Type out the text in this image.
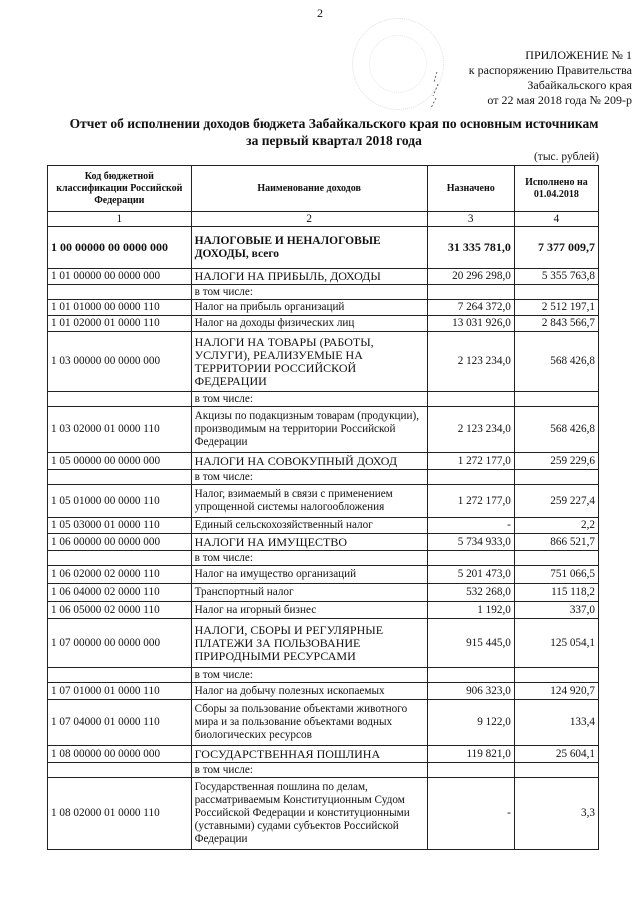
2
ПРИЛОЖЕНИЕ № 1
к распоряжению Правительства
Забайкальского края
от 22 мая 2018 года № 209-р
Отчет об исполнении доходов бюджета Забайкальского края по основным источникам
за первый квартал 2018 года
(тыс. рублей)
Код бюджетной классификации Российской Федерации	Наименование доходов	Назначено	Исполнено на 01.04.2018
1	2	3	4
1 00 00000 00 0000 000	НАЛОГОВЫЕ И НЕНАЛОГОВЫЕ ДОХОДЫ, всего	31 335 781,0	7 377 009,7
1 01 00000 00 0000 000	НАЛОГИ НА ПРИБЫЛЬ, ДОХОДЫ	20 296 298,0	5 355 763,8
	в том числе:		
1 01 01000 00 0000 110	Налог на прибыль организаций	7 264 372,0	2 512 197,1
1 01 02000 01 0000 110	Налог на доходы физических лиц	13 031 926,0	2 843 566,7
1 03 00000 00 0000 000	НАЛОГИ НА ТОВАРЫ (РАБОТЫ, УСЛУГИ), РЕАЛИЗУЕМЫЕ НА ТЕРРИТОРИИ РОССИЙСКОЙ ФЕДЕРАЦИИ	2 123 234,0	568 426,8
	в том числе:		
1 03 02000 01 0000 110	Акцизы по подакцизным товарам (продукции), производимым на территории Российской Федерации	2 123 234,0	568 426,8
1 05 00000 00 0000 000	НАЛОГИ НА СОВОКУПНЫЙ ДОХОД	1 272 177,0	259 229,6
	в том числе:		
1 05 01000 00 0000 110	Налог, взимаемый в связи с применением упрощенной системы налогообложения	1 272 177,0	259 227,4
1 05 03000 01 0000 110	Единый сельскохозяйственный налог	-	2,2
1 06 00000 00 0000 000	НАЛОГИ НА ИМУЩЕСТВО	5 734 933,0	866 521,7
	в том числе:		
1 06 02000 02 0000 110	Налог на имущество организаций	5 201 473,0	751 066,5
1 06 04000 02 0000 110	Транспортный налог	532 268,0	115 118,2
1 06 05000 02 0000 110	Налог на игорный бизнес	1 192,0	337,0
1 07 00000 00 0000 000	НАЛОГИ, СБОРЫ И РЕГУЛЯРНЫЕ ПЛАТЕЖИ ЗА ПОЛЬЗОВАНИЕ ПРИРОДНЫМИ РЕСУРСАМИ	915 445,0	125 054,1
	в том числе:		
1 07 01000 01 0000 110	Налог на добычу полезных ископаемых	906 323,0	124 920,7
1 07 04000 01 0000 110	Сборы за пользование объектами животного мира и за пользование объектами водных биологических ресурсов	9 122,0	133,4
1 08 00000 00 0000 000	ГОСУДАРСТВЕННАЯ ПОШЛИНА	119 821,0	25 604,1
	в том числе:		
1 08 02000 01 0000 110	Государственная пошлина по делам, рассматриваемым Конституционным Судом Российской Федерации и конституционными (уставными) судами субъектов Российской Федерации	-	3,3
